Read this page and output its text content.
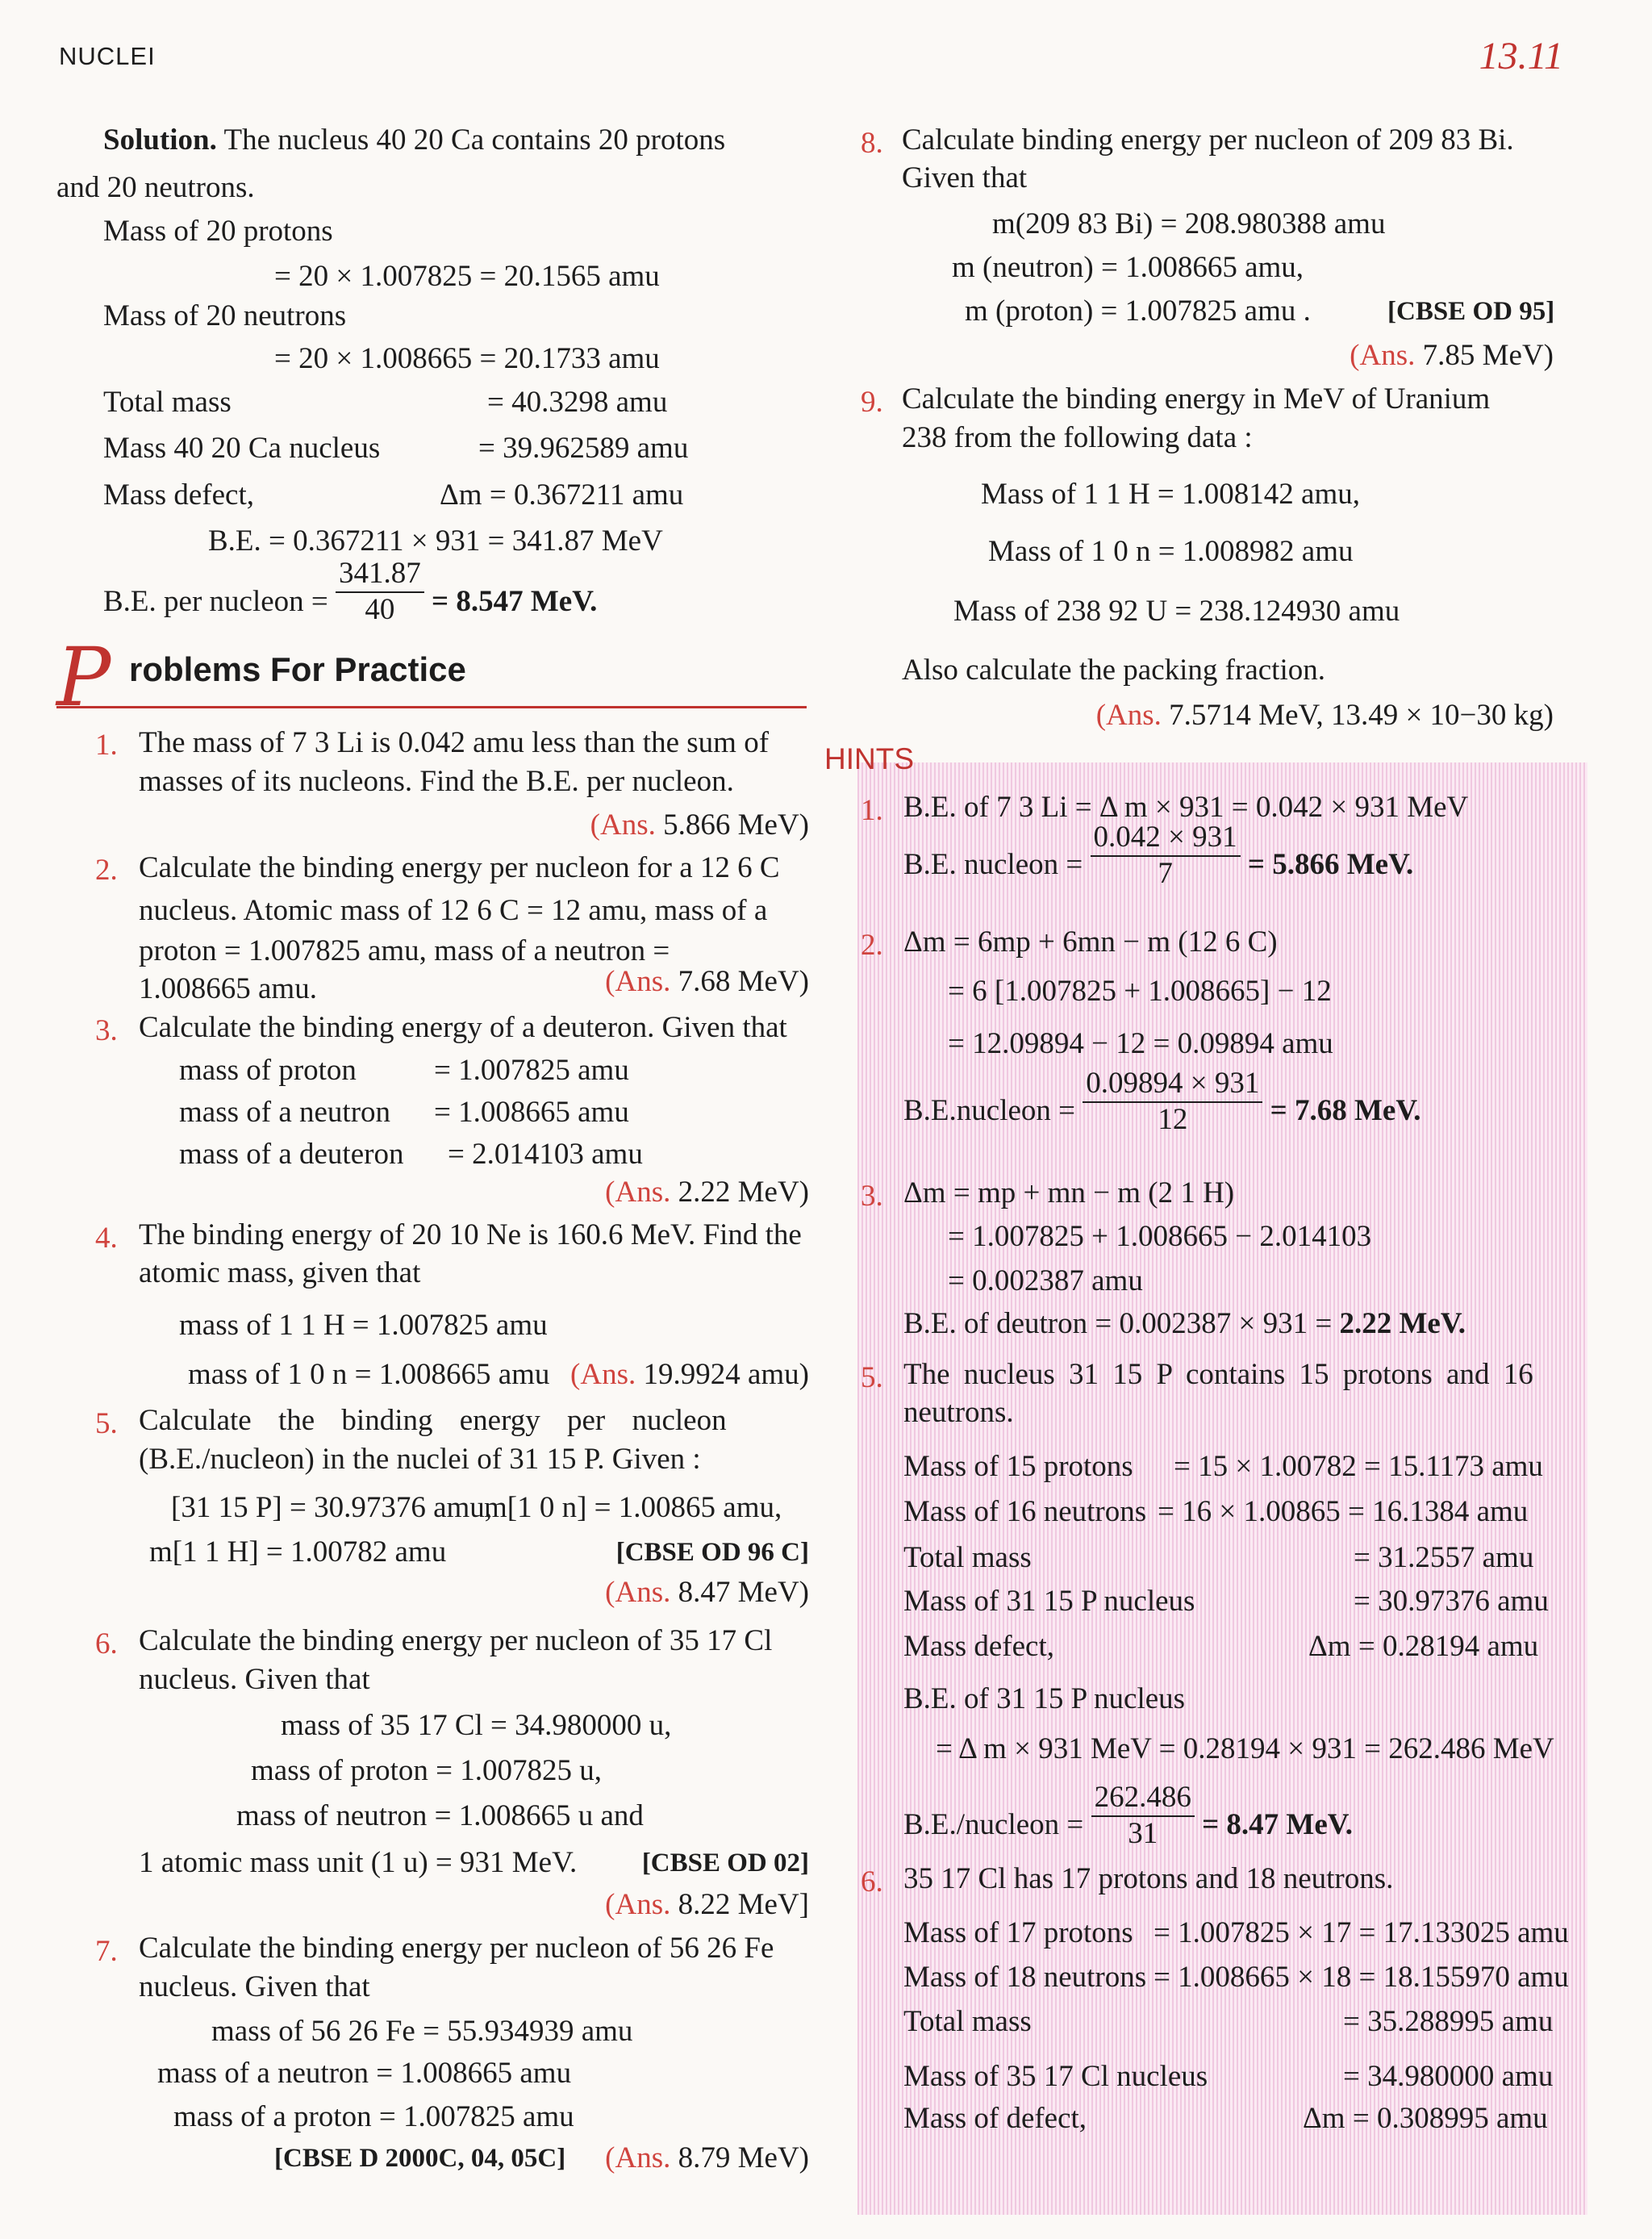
NUCLEI	13.11
Solution. The nucleus 40 20 Ca contains 20 protons
and 20 neutrons.
Mass of 20 protons
= 20 × 1.007825 = 20.1565 amu
Mass of 20 neutrons
= 20 × 1.008665 = 20.1733 amu
Total mass	= 40.3298 amu
Mass 40 20 Ca nucleus	= 39.962589 amu
Mass defect,	Δm = 0.367211 amu
B.E. = 0.367211 × 931 = 341.87 MeV
B.E. per nucleon = $\frac{341.87}{40} = 8.547$ MeV.
P roblems For Practice
1. The mass of 7 3 Li is 0.042 amu less than the sum of
masses of its nucleons. Find the B.E. per nucleon.
(Ans. 5.866 MeV)
2. Calculate the binding energy per nucleon for a 12 6 C
nucleus. Atomic mass of 12 6 C = 12 amu, mass of a
proton = 1.007825 amu, mass of a neutron =
1.008665 amu.	(Ans. 7.68 MeV)
3. Calculate the binding energy of a deuteron. Given that
mass of proton	= 1.007825 amu
mass of a neutron = 1.008665 amu
mass of a deuteron = 2.014103 amu
(Ans. 2.22 MeV)
4. The binding energy of 20 10 Ne is 160.6 MeV. Find the
atomic mass, given that
mass of 1 1 H = 1.007825 amu
mass of 1 0 n = 1.008665 amu (Ans. 19.9924 amu)
5. Calculate the binding energy per nucleon
(B.E./nucleon) in the nuclei of 31 15 P. Given :
[31 15 P] = 30.97376 amu,
m[1 0 n] = 1.00865 amu,
m[1 1 H] = 1.00782 amu	[CBSE OD 96 C]
(Ans. 8.47 MeV)
6. Calculate the binding energy per nucleon of 35 17 Cl
nucleus. Given that
mass of 35 17 Cl = 34.980000 u,
mass of proton = 1.007825 u,
mass of neutron = 1.008665 u and
1 atomic mass unit (1 u) = 931 MeV. [CBSE OD 02]
(Ans. 8.22 MeV]
7. Calculate the binding energy per nucleon of 56 26 Fe
nucleus. Given that
mass of 56 26 Fe = 55.934939 amu
mass of a neutron = 1.008665 amu
mass of a proton = 1.007825 amu
[CBSE D 2000C, 04, 05C] (Ans. 8.79 MeV)
8. Calculate binding energy per nucleon of 209 83 Bi.
Given that
m(209 83 Bi) = 208.980388 amu
m (neutron) = 1.008665 amu,
m (proton) = 1.007825 amu .	[CBSE OD 95]
(Ans. 7.85 MeV)
9. Calculate the binding energy in MeV of Uranium
238 from the following data :
Mass of 1 1 H = 1.008142 amu,
Mass of 1 0 n = 1.008982 amu
Mass of 238 92 U = 238.124930 amu
Also calculate the packing fraction.
(Ans. 7.5714 MeV, 13.49 × 10−30 kg)
HINTS
1. B.E. of 7 3 Li = Δ m × 931 = 0.042 × 931 MeV
B.E. nucleon = $\frac{0.042 \times 931}{7} = 5.866$ MeV.
2. Δm = 6mp + 6mn − m (12 6 C)
= 6 [1.007825 + 1.008665] − 12
= 12.09894 − 12 = 0.09894 amu
B.E.nucleon = $\frac{0.09894 \times 931}{12} = 7.68$ MeV.
3. Δm = mp + mn − m (2 1 H)
= 1.007825 + 1.008665 − 2.014103
= 0.002387 amu
B.E. of deutron = 0.002387 × 931 = 2.22 MeV.
5. The nucleus 31 15 P contains 15 protons and 16
neutrons.
Mass of 15 protons = 15 × 1.00782 = 15.1173 amu
Mass of 16 neutrons = 16 × 1.00865 = 16.1384 amu
Total mass	= 31.2557 amu
Mass of 31 15 P nucleus	= 30.97376 amu
Mass defect,	Δm = 0.28194 amu
B.E. of 31 15 P nucleus
= Δ m × 931 MeV = 0.28194 × 931 = 262.486 MeV
B.E./nucleon = $\frac{262.486}{31} = 8.47$ MeV.
6. 35 17 Cl has 17 protons and 18 neutrons.
Mass of 17 protons = 1.007825 × 17 = 17.133025 amu
Mass of 18 neutrons = 1.008665 × 18 = 18.155970 amu
Total mass	= 35.288995 amu
Mass of 35 17 Cl nucleus	= 34.980000 amu
Mass of defect,	Δm = 0.308995 amu
